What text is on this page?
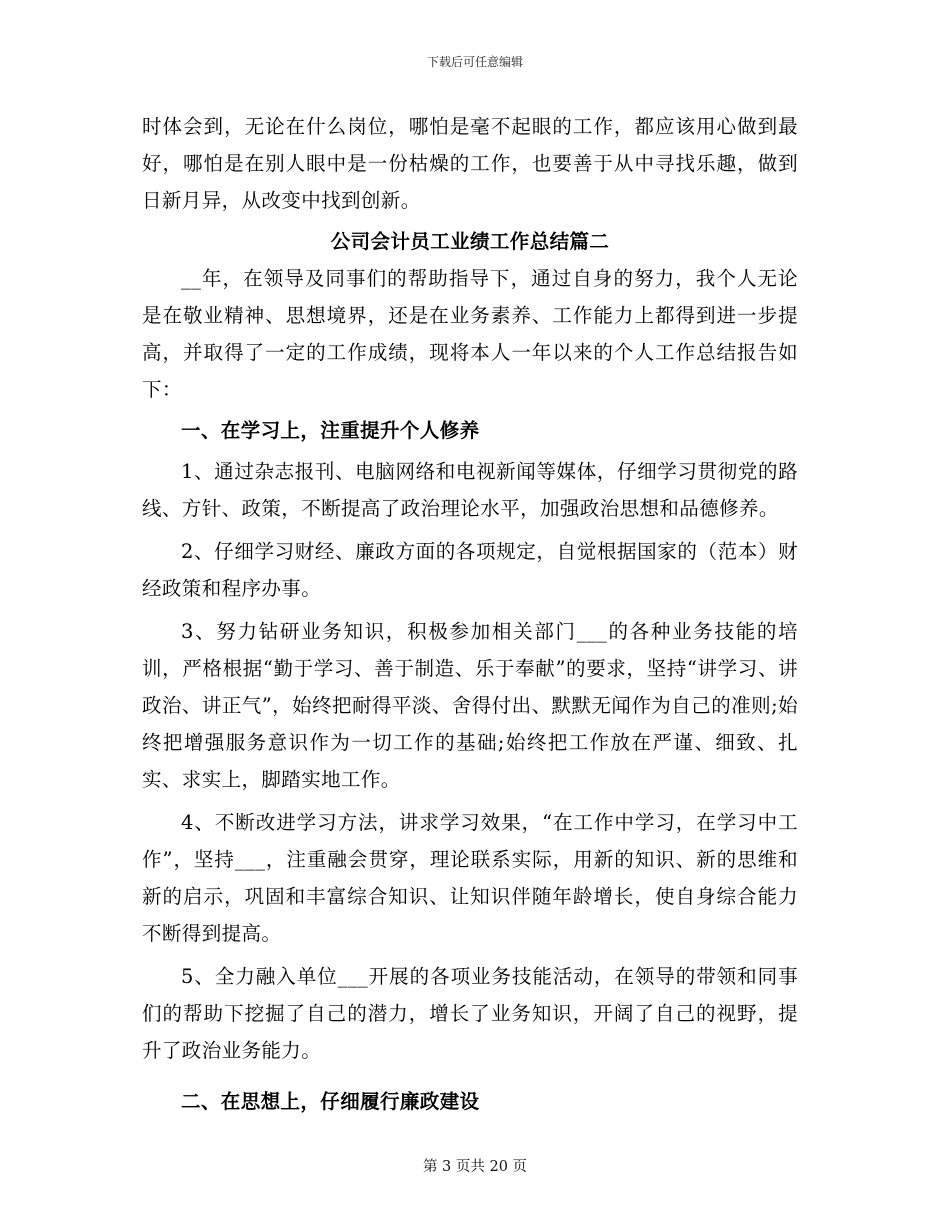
下载后可任意编辑

时体会到，无论在什么岗位，哪怕是毫不起眼的工作，都应该用心做到最好，哪怕是在别人眼中是一份枯燥的工作，也要善于从中寻找乐趣，做到日新月异，从改变中找到创新。

公司会计员工业绩工作总结篇二

__年，在领导及同事们的帮助指导下，通过自身的努力，我个人无论是在敬业精神、思想境界，还是在业务素养、工作能力上都得到进一步提高，并取得了一定的工作成绩，现将本人一年以来的个人工作总结报告如下：

一、在学习上，注重提升个人修养

1、通过杂志报刊、电脑网络和电视新闻等媒体，仔细学习贯彻党的路线、方针、政策，不断提高了政治理论水平，加强政治思想和品德修养。

2、仔细学习财经、廉政方面的各项规定，自觉根据国家的（范本）财经政策和程序办事。

3、努力钻研业务知识，积极参加相关部门___的各种业务技能的培训，严格根据“勤于学习、善于制造、乐于奉献”的要求，坚持“讲学习、讲政治、讲正气”，始终把耐得平淡、舍得付出、默默无闻作为自己的准则;始终把增强服务意识作为一切工作的基础;始终把工作放在严谨、细致、扎实、求实上，脚踏实地工作。

4、不断改进学习方法，讲求学习效果，“在工作中学习，在学习中工作”，坚持___，注重融会贯穿，理论联系实际，用新的知识、新的思维和新的启示，巩固和丰富综合知识、让知识伴随年龄增长，使自身综合能力不断得到提高。

5、全力融入单位___开展的各项业务技能活动，在领导的带领和同事们的帮助下挖掘了自己的潜力，增长了业务知识，开阔了自己的视野，提升了政治业务能力。

二、在思想上，仔细履行廉政建设

第 3 页共 20 页
